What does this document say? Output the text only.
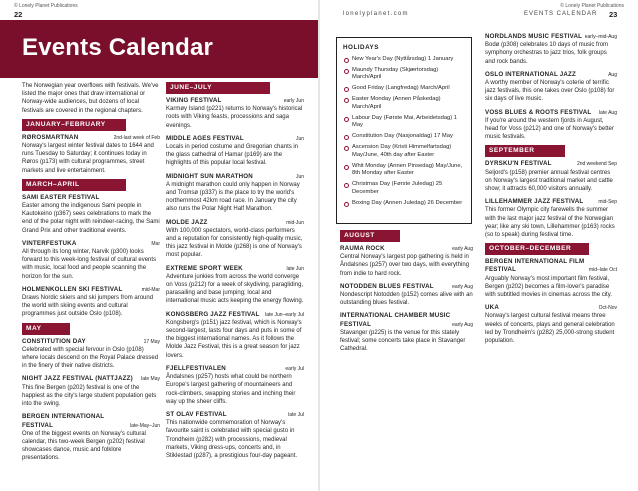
© Lonely Planet Publications
22
© Lonely Planet Publications
lonelyplanet.com	EVENTS CALENDAR 23
Events Calendar

The Norwegian year overflows with festivals. We've listed the major ones that draw international or Norway-wide audiences, but dozens of local festivals are covered in the regional chapters.

JANUARY–FEBRUARY
RØROSMARTNAN	2nd-last week of Feb

Norway's largest winter festival dates to 1644 and runs Tuesday to Saturday; it continues today in Røros (p173) with cultural programmes, street markets and live entertainment.

MARCH–APRIL
SAMI EASTER FESTIVAL

Easter among the indigenous Sami people in Kautokeino (p367) sees celebrations to mark the end of the polar night with reindeer-racing, the Sami Grand Prix and other traditional events.

VINTERFESTUKA	Mar

All through its long winter, Narvik (p300) looks forward to this week-long festival of cultural events with music, local food and people scanning the horizon for the sun.

HOLMENKOLLEN SKI FESTIVAL	mid-Mar

Draws Nordic skiers and ski jumpers from around the world with skiing events and cultural programmes just outside Oslo (p108).

MAY
CONSTITUTION DAY	17 May

Celebrated with special fervour in Oslo (p108) where locals descend on the Royal Palace dressed in the finery of their native districts.

NIGHT JAZZ FESTIVAL (NATTJAZZ) late May

This fine Bergen (p202) festival is one of the happiest as the city's large student population gets into the swing.

BERGEN INTERNATIONAL
FESTIVAL	late-May–Jun

One of the biggest events on Norway's cultural calendar, this two-week Bergen (p202) festival showcases dance, music and folklore presentations.

JUNE–JULY
VIKING FESTIVAL	early Jun

Karmøy Island (p221) returns to Norway's historical roots with Viking feasts, processions and saga evenings.

MIDDLE AGES FESTIVAL	Jun

Locals in period costume and Gregorian chants in the glass cathedral of Hamar (p169) are the highlights of this popular local festival.

MIDNIGHT SUN MARATHON	Jun

A midnight marathon could only happen in Norway and Tromsø (p337) is the place to try the world's northernmost 42km road race. In January the city also runs the Polar Night Half Marathon.

MOLDE JAZZ	mid-Jun

With 100,000 spectators, world-class performers and a reputation for consistently high-quality music, this jazz festival in Molde (p268) is one of Norway's most popular.

EXTREME SPORT WEEK	late Jun

Adventure junkies from across the world converge on Voss (p212) for a week of skydiving, paragliding, parasailing and base jumping; local and international music acts keeping the energy flowing.

KONGSBERG JAZZ FESTIVAL late Jun–early Jul

Kongsberg's (p151) jazz festival, which is Norway's second-largest, lasts four days and puts in some of the biggest international names. As it follows the Molde Jazz Festival, this is a great season for jazz lovers.

FJELLFESTIVALEN	early Jul

Åndalsnes (p257) hosts what could be northern Europe's largest gathering of mountaineers and rock-climbers, swapping stories and inching their way up the sheer cliffs.

ST OLAV FESTIVAL	late Jul

This nationwide commemoration of Norway's favourite saint is celebrated with special gusto in Trondheim (p282) with processions, medieval markets, Viking dress-ups, concerts and, in Stiklestad (p287), a prestigious four-day pageant.

HOLIDAYS
New Year's Day (Nyttårsdag) 1 January
Maundy Thursday (Skjærtorsdag) March/April
Good Friday (Langfredag) March/April
Easter Monday (Annen Påskedag) March/April
Labour Day (Første Mai, Arbeidetsdag) 1 May
Constitution Day (Nasjonaldag) 17 May
Ascension Day (Kristi Himmelfartsdag) May/June, 40th day after Easter
Whit Monday (Annen Pinsedag) May/June, 8th Monday after Easter
Christmas Day (Første Juledag) 25 December
Boxing Day (Annen Juledag) 26 December
AUGUST
RAUMA ROCK	early Aug

Central Norway's largest pop gathering is held in Åndalsnes (p257) over two days, with everything from indie to hard rock.

NOTODDEN BLUES FESTIVAL	early Aug

Nondescript Notodden (p152) comes alive with an outstanding blues festival.

INTERNATIONAL CHAMBER MUSIC
FESTIVAL	early Aug

Stavanger (p225) is the venue for this stately festival; some concerts take place in Stavanger Cathedral.

NORDLANDS MUSIC FESTIVAL early–mid-Aug

Bodø (p308) celebrates 10 days of music from symphony orchestras to jazz trios, folk groups and rock bands.

OSLO INTERNATIONAL JAZZ	Aug

A worthy member of Norway's coterie of terrific jazz festivals, this one takes over Oslo (p108) for six days of live music.

VOSS BLUES & ROOTS FESTIVAL late Aug

If you're around the western fjords in August, head for Voss (p212) and one of Norway's better music festivals.

SEPTEMBER
DYRSKU'N FESTIVAL	2nd weekend Sep

Seljord's (p158) premier annual festival centres on Norway's largest traditional market and cattle show; it attracts 60,000 visitors annually.

LILLEHAMMER JAZZ FESTIVAL	mid-Sep

This former Olympic city farewells the summer with the last major jazz festival of the Norwegian year; like any ski town, Lillehammer (p163) rocks (so to speak) during festival time.

OCTOBER–DECEMBER
BERGEN INTERNATIONAL FILM
FESTIVAL	mid–late Oct

Arguably Norway's most important film festival, Bergen (p202) becomes a film-lover's paradise with subtitled movies in cinemas across the city.

UKA	Oct-Nov

Norway's largest cultural festival means three weeks of concerts, plays and general celebration led by Trondheim's (p282) 25,000-strong student population.
